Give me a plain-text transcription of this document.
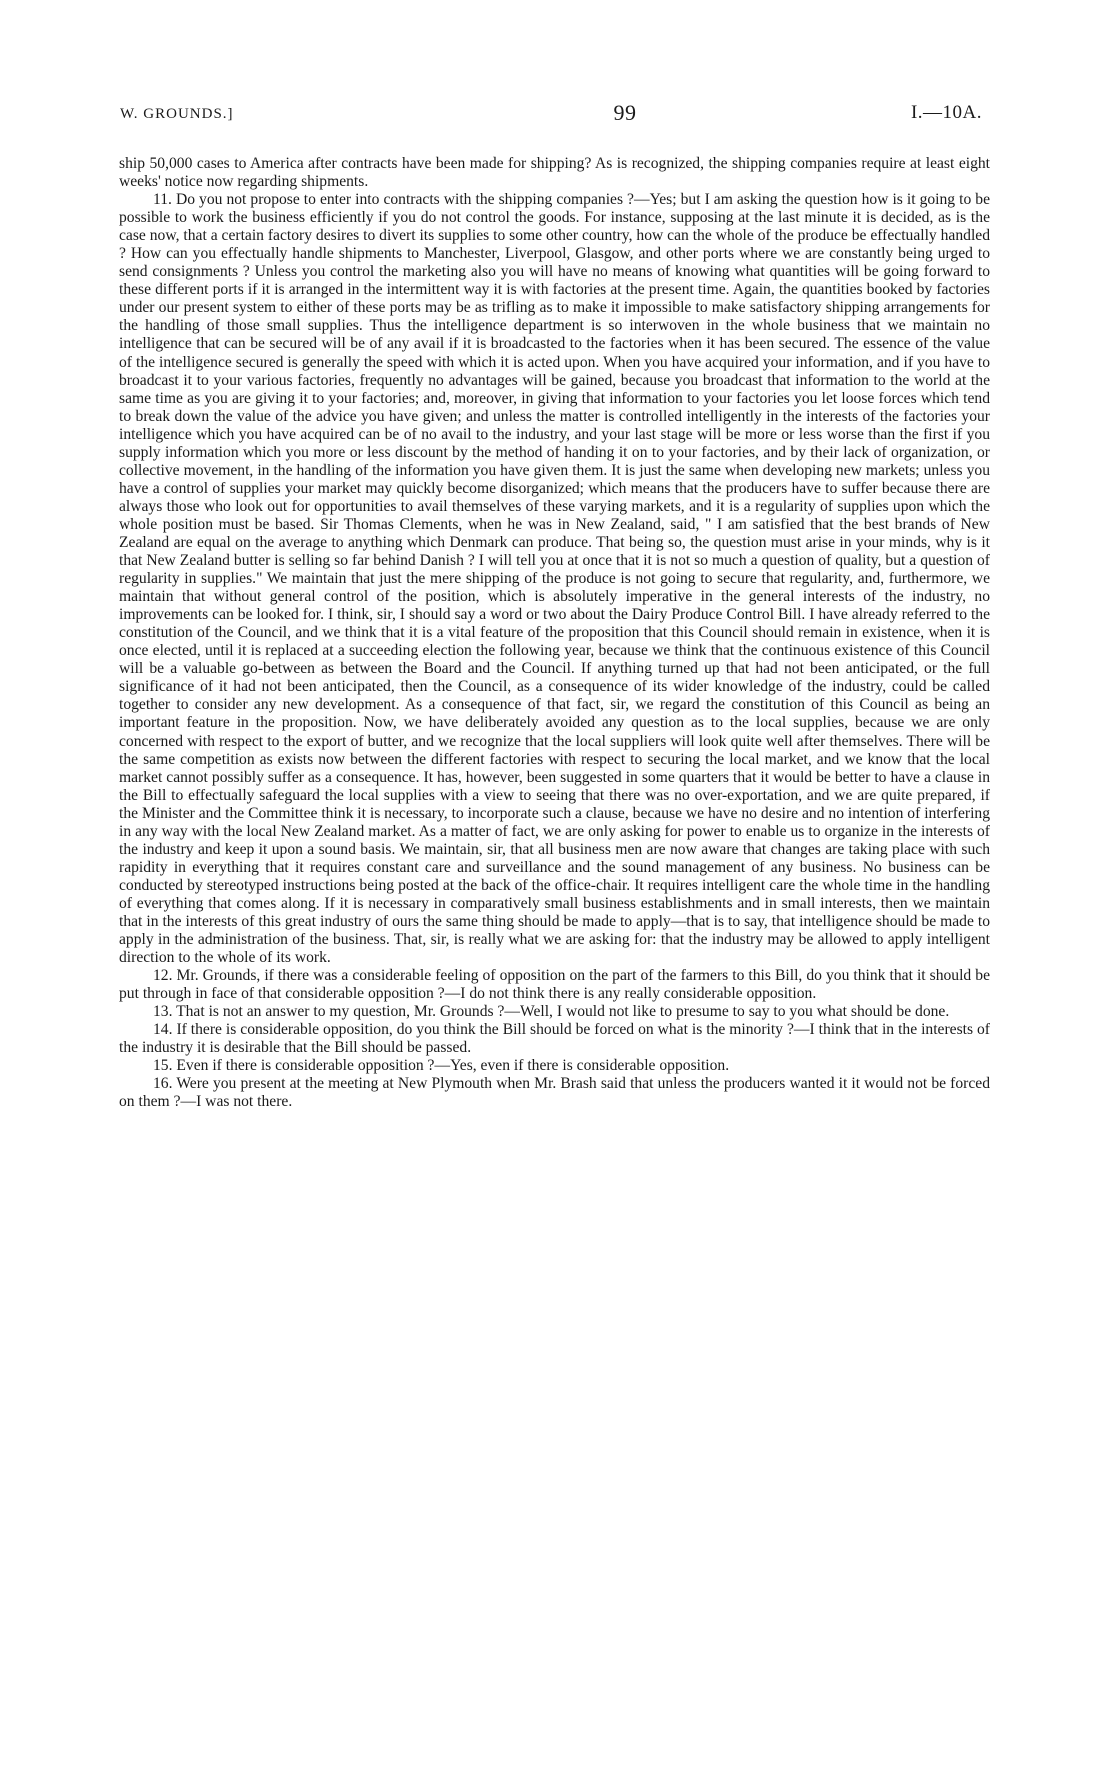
W. GROUNDS.]	99	I.—10A.

ship 50,000 cases to America after contracts have been made for shipping? As is recognized, the shipping companies require at least eight weeks' notice now regarding shipments.

11. Do you not propose to enter into contracts with the shipping companies ?—Yes; but I am asking the question how is it going to be possible to work the business efficiently if you do not control the goods. For instance, supposing at the last minute it is decided, as is the case now, that a certain factory desires to divert its supplies to some other country, how can the whole of the produce be effectually handled ? How can you effectually handle shipments to Manchester, Liverpool, Glasgow, and other ports where we are constantly being urged to send consignments ? Unless you control the marketing also you will have no means of knowing what quantities will be going forward to these different ports if it is arranged in the intermittent way it is with factories at the present time. Again, the quantities booked by factories under our present system to either of these ports may be as trifling as to make it impossible to make satisfactory shipping arrangements for the handling of those small supplies. Thus the intelligence department is so interwoven in the whole business that we maintain no intelligence that can be secured will be of any avail if it is broadcasted to the factories when it has been secured. The essence of the value of the intelligence secured is generally the speed with which it is acted upon. When you have acquired your information, and if you have to broadcast it to your various factories, frequently no advantages will be gained, because you broadcast that information to the world at the same time as you are giving it to your factories; and, moreover, in giving that information to your factories you let loose forces which tend to break down the value of the advice you have given; and unless the matter is controlled intelligently in the interests of the factories your intelligence which you have acquired can be of no avail to the industry, and your last stage will be more or less worse than the first if you supply information which you more or less discount by the method of handing it on to your factories, and by their lack of organization, or collective movement, in the handling of the information you have given them. It is just the same when developing new markets; unless you have a control of supplies your market may quickly become disorganized; which means that the producers have to suffer because there are always those who look out for opportunities to avail themselves of these varying markets, and it is a regularity of supplies upon which the whole position must be based. Sir Thomas Clements, when he was in New Zealand, said, " I am satisfied that the best brands of New Zealand are equal on the average to anything which Denmark can produce. That being so, the question must arise in your minds, why is it that New Zealand butter is selling so far behind Danish ? I will tell you at once that it is not so much a question of quality, but a question of regularity in supplies." We maintain that just the mere shipping of the produce is not going to secure that regularity, and, furthermore, we maintain that without general control of the position, which is absolutely imperative in the general interests of the industry, no improvements can be looked for. I think, sir, I should say a word or two about the Dairy Produce Control Bill. I have already referred to the constitution of the Council, and we think that it is a vital feature of the proposition that this Council should remain in existence, when it is once elected, until it is replaced at a succeeding election the following year, because we think that the continuous existence of this Council will be a valuable go-between as between the Board and the Council. If anything turned up that had not been anticipated, or the full significance of it had not been anticipated, then the Council, as a consequence of its wider knowledge of the industry, could be called together to consider any new development. As a consequence of that fact, sir, we regard the constitution of this Council as being an important feature in the proposition. Now, we have deliberately avoided any question as to the local supplies, because we are only concerned with respect to the export of butter, and we recognize that the local suppliers will look quite well after themselves. There will be the same competition as exists now between the different factories with respect to securing the local market, and we know that the local market cannot possibly suffer as a consequence. It has, however, been suggested in some quarters that it would be better to have a clause in the Bill to effectually safeguard the local supplies with a view to seeing that there was no over-exportation, and we are quite prepared, if the Minister and the Committee think it is necessary, to incorporate such a clause, because we have no desire and no intention of interfering in any way with the local New Zealand market. As a matter of fact, we are only asking for power to enable us to organize in the interests of the industry and keep it upon a sound basis. We maintain, sir, that all business men are now aware that changes are taking place with such rapidity in everything that it requires constant care and surveillance and the sound management of any business. No business can be conducted by stereotyped instructions being posted at the back of the office-chair. It requires intelligent care the whole time in the handling of everything that comes along. If it is necessary in comparatively small business establishments and in small interests, then we maintain that in the interests of this great industry of ours the same thing should be made to apply—that is to say, that intelligence should be made to apply in the administration of the business. That, sir, is really what we are asking for: that the industry may be allowed to apply intelligent direction to the whole of its work.

12. Mr. Grounds, if there was a considerable feeling of opposition on the part of the farmers to this Bill, do you think that it should be put through in face of that considerable opposition ?—I do not think there is any really considerable opposition.

13. That is not an answer to my question, Mr. Grounds ?—Well, I would not like to presume to say to you what should be done.

14. If there is considerable opposition, do you think the Bill should be forced on what is the minority ?—I think that in the interests of the industry it is desirable that the Bill should be passed.

15. Even if there is considerable opposition ?—Yes, even if there is considerable opposition.

16. Were you present at the meeting at New Plymouth when Mr. Brash said that unless the producers wanted it it would not be forced on them ?—I was not there.
